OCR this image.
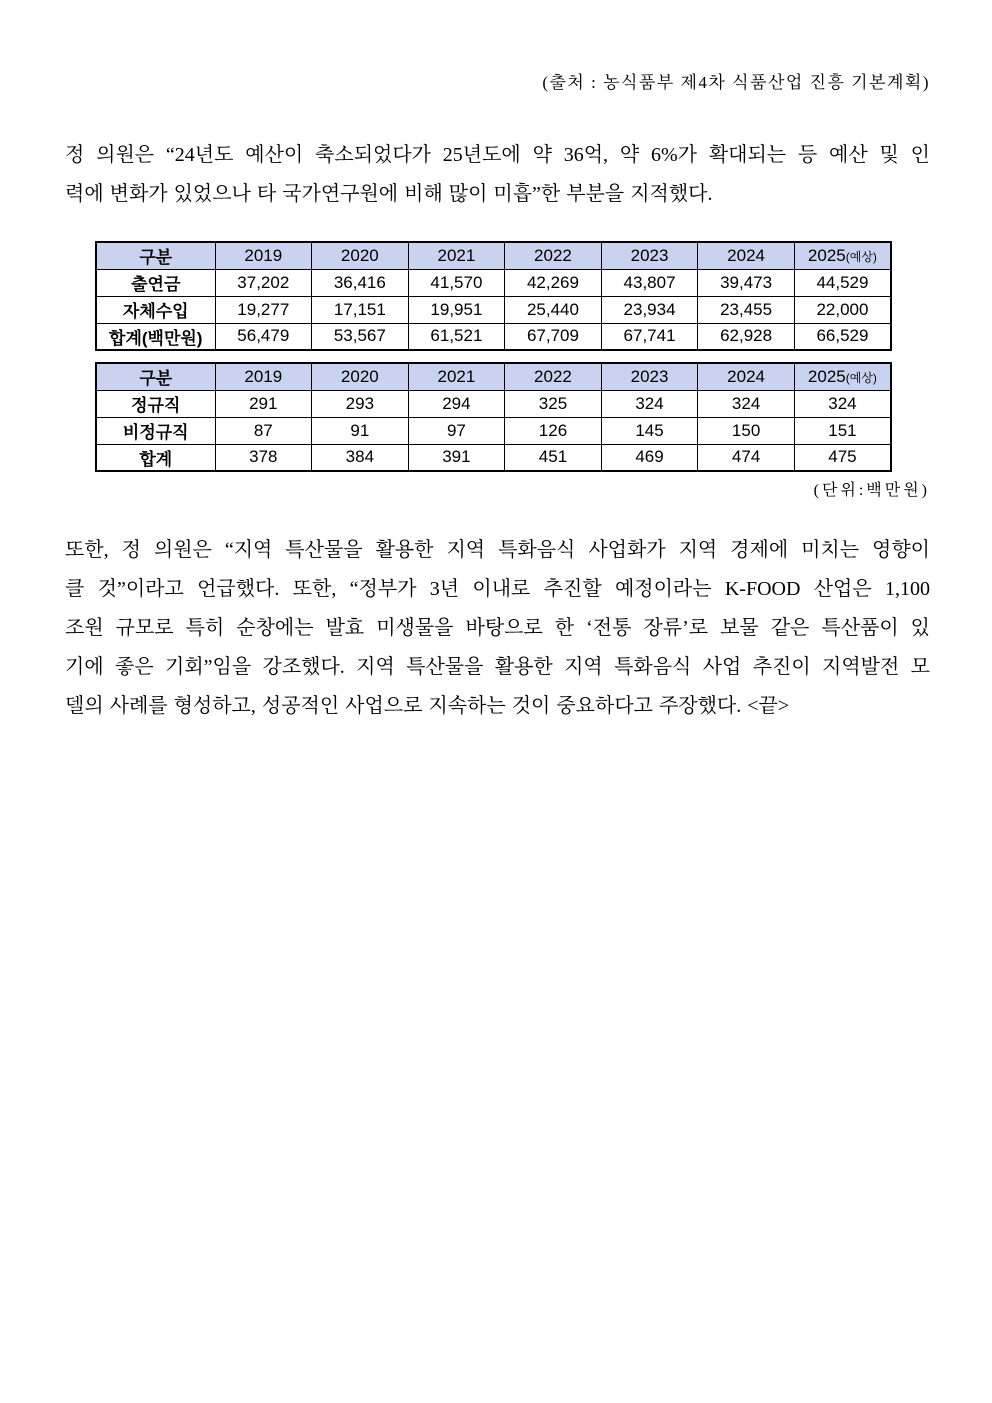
(출처 : 농식품부 제4차 식품산업 진흥 기본계획)
정 의원은 “24년도 예산이 축소되었다가 25년도에 약 36억, 약 6%가 확대되는 등 예산 및 인
력에 변화가 있었으나 타 국가연구원에 비해 많이 미흡”한 부분을 지적했다.
구분	2019	2020	2021	2022	2023	2024	2025(예상)
출연금	37,202	36,416	41,570	42,269	43,807	39,473	44,529
자체수입	19,277	17,151	19,951	25,440	23,934	23,455	22,000
합계(백만원)	56,479	53,567	61,521	67,709	67,741	62,928	66,529
구분	2019	2020	2021	2022	2023	2024	2025(예상)
정규직	291	293	294	325	324	324	324
비정규직	87	91	97	126	145	150	151
합계	378	384	391	451	469	474	475
(단위:백만원)
또한, 정 의원은 “지역 특산물을 활용한 지역 특화음식 사업화가 지역 경제에 미치는 영향이
클 것”이라고 언급했다. 또한, “정부가 3년 이내로 추진할 예정이라는 K-FOOD 산업은 1,100
조원 규모로 특히 순창에는 발효 미생물을 바탕으로 한 ‘전통 장류’로 보물 같은 특산품이 있
기에 좋은 기회”임을 강조했다. 지역 특산물을 활용한 지역 특화음식 사업 추진이 지역발전 모
델의 사례를 형성하고, 성공적인 사업으로 지속하는 것이 중요하다고 주장했다. <끝>
